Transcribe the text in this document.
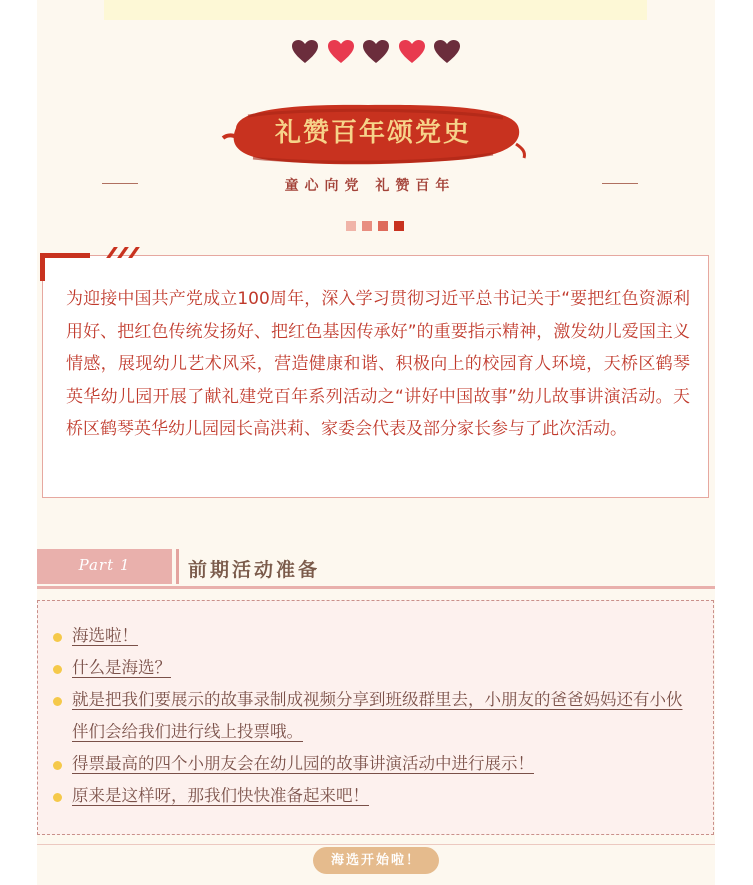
礼赞百年颂党史
童心向党 礼赞百年

为迎接中国共产党成立100周年，深入学习贯彻习近平总书记关于“要把红色资源利用好、把红色传统发扬好、把红色基因传承好”的重要指示精神，激发幼儿爱国主义情感，展现幼儿艺术风采，营造健康和谐、积极向上的校园育人环境，天桥区鹤琴英华幼儿园开展了献礼建党百年系列活动之“讲好中国故事”幼儿故事讲演活动。天桥区鹤琴英华幼儿园园长高洪莉、家委会代表及部分家长参与了此次活动。

Part 1	前期活动准备
海选啦！
什么是海选？
就是把我们要展示的故事录制成视频分享到班级群里去，小朋友的爸爸妈妈还有小伙伴们会给我们进行线上投票哦。
得票最高的四个小朋友会在幼儿园的故事讲演活动中进行展示！
原来是这样呀，那我们快快准备起来吧！
海选开始啦！
